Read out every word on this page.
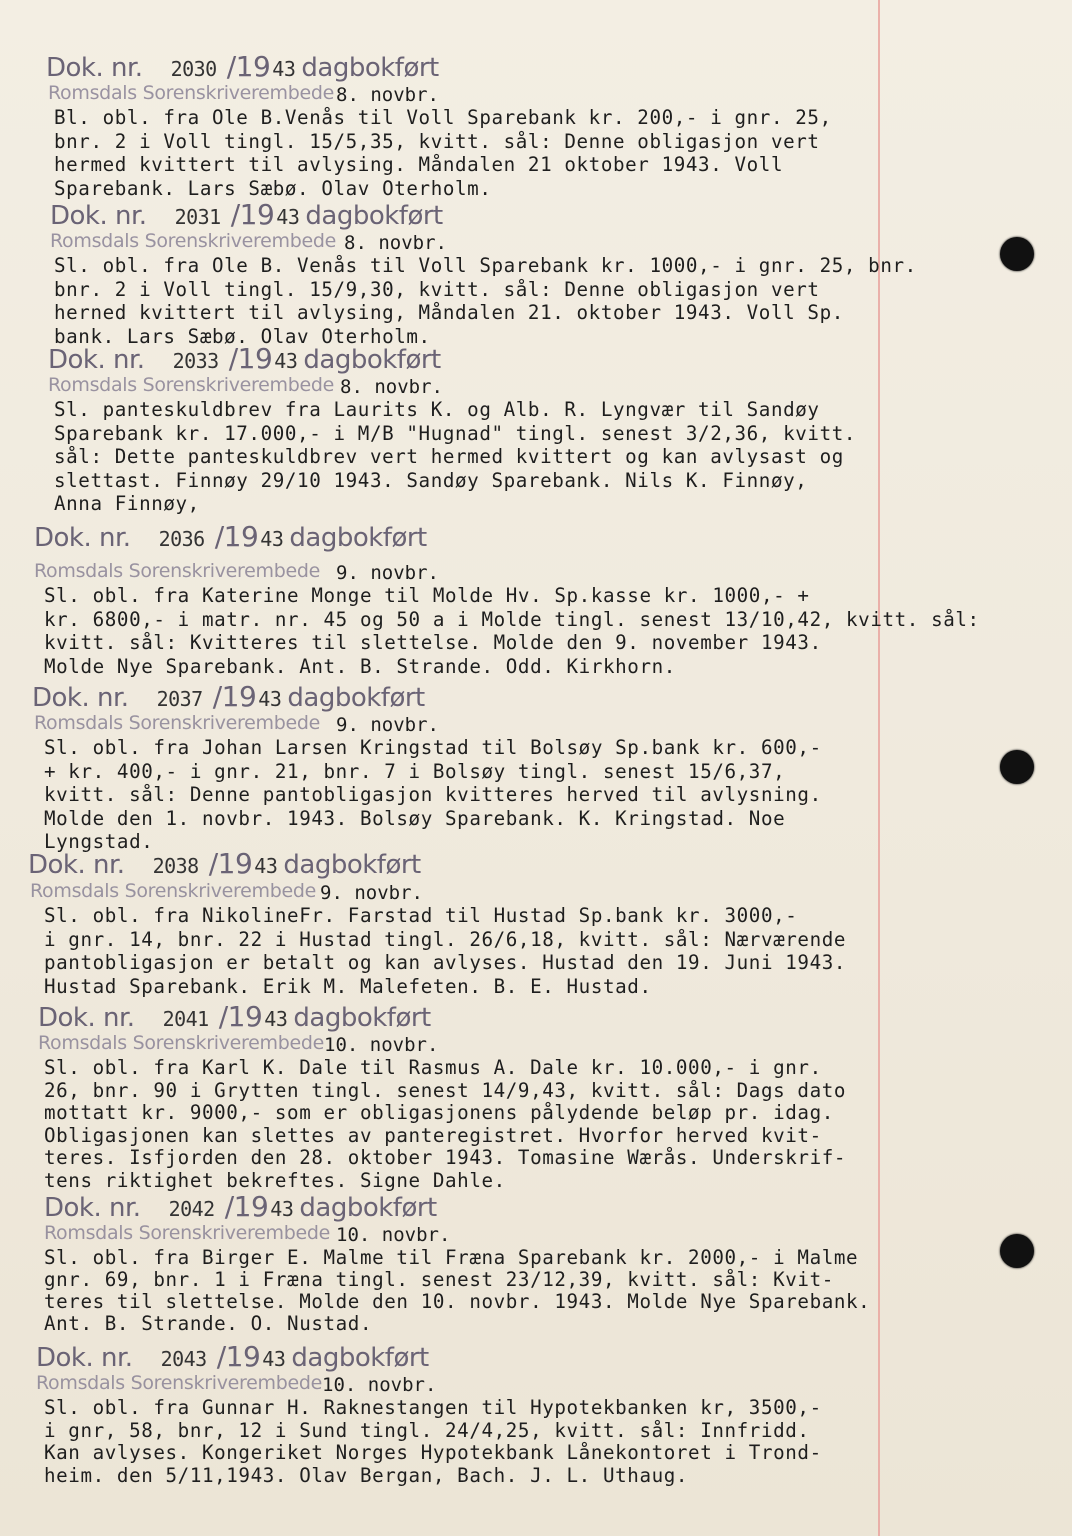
Dok. nr. 2030 /19 43 dagbokført
Romsdals Sorenskriverembede 8. novbr.
Bl. obl. fra Ole B.Venås til Voll Sparebank kr. 200,- i gnr. 25,
bnr. 2 i Voll tingl. 15/5,35, kvitt. sål: Denne obligasjon vert
hermed kvittert til avlysing. Måndalen 21 oktober 1943. Voll
Sparebank. Lars Sæbø. Olav Oterholm.
Dok. nr. 2031 /19 43 dagbokført
Romsdals Sorenskriverembede 8. novbr.
Sl. obl. fra Ole B. Venås til Voll Sparebank kr. 1000,- i gnr. 25, bnr.
bnr. 2 i Voll tingl. 15/9,30, kvitt. sål: Denne obligasjon vert
herned kvittert til avlysing, Måndalen 21. oktober 1943. Voll Sp.
bank. Lars Sæbø. Olav Oterholm.
Dok. nr. 2033 /19 43 dagbokført
Romsdals Sorenskriverembede 8. novbr.
Sl. panteskuldbrev fra Laurits K. og Alb. R. Lyngvær til Sandøy
Sparebank kr. 17.000,- i M/B "Hugnad" tingl. senest 3/2,36, kvitt.
sål: Dette panteskuldbrev vert hermed kvittert og kan avlysast og
slettast. Finnøy 29/10 1943. Sandøy Sparebank. Nils K. Finnøy,
Anna Finnøy,
Dok. nr. 2036 /19 43 dagbokført
Romsdals Sorenskriverembede 9. novbr.
Sl. obl. fra Katerine Monge til Molde Hv. Sp.kasse kr. 1000,- +
kr. 6800,- i matr. nr. 45 og 50 a i Molde tingl. senest 13/10,42, kvitt. sål:
kvitt. sål: Kvitteres til slettelse. Molde den 9. november 1943.
Molde Nye Sparebank. Ant. B. Strande. Odd. Kirkhorn.
Dok. nr. 2037 /19 43 dagbokført
Romsdals Sorenskriverembede 9. novbr.
Sl. obl. fra Johan Larsen Kringstad til Bolsøy Sp.bank kr. 600,-
+ kr. 400,- i gnr. 21, bnr. 7 i Bolsøy tingl. senest 15/6,37,
kvitt. sål: Denne pantobligasjon kvitteres herved til avlysning.
Molde den 1. novbr. 1943. Bolsøy Sparebank. K. Kringstad. Noe
Lyngstad.
Dok. nr. 2038 /19 43 dagbokført
Romsdals Sorenskriverembede 9. novbr.
Sl. obl. fra NikolineFr. Farstad til Hustad Sp.bank kr. 3000,-
i gnr. 14, bnr. 22 i Hustad tingl. 26/6,18, kvitt. sål: Nærværende
pantobligasjon er betalt og kan avlyses. Hustad den 19. Juni 1943.
Hustad Sparebank. Erik M. Malefeten. B. E. Hustad.
Dok. nr. 2041 /19 43 dagbokført
Romsdals Sorenskriverembede 10. novbr.
Sl. obl. fra Karl K. Dale til Rasmus A. Dale kr. 10.000,- i gnr.
26, bnr. 90 i Grytten tingl. senest 14/9,43, kvitt. sål: Dags dato
mottatt kr. 9000,- som er obligasjonens pålydende beløp pr. idag.
Obligasjonen kan slettes av panteregistret. Hvorfor herved kvit-
teres. Isfjorden den 28. oktober 1943. Tomasine Wærås. Underskrif-
tens riktighet bekreftes. Signe Dahle.
Dok. nr. 2042 /19 43 dagbokført
Romsdals Sorenskriverembede 10. novbr.
Sl. obl. fra Birger E. Malme til Fræna Sparebank kr. 2000,- i Malme
gnr. 69, bnr. 1 i Fræna tingl. senest 23/12,39, kvitt. sål: Kvit-
teres til slettelse. Molde den 10. novbr. 1943. Molde Nye Sparebank.
Ant. B. Strande. O. Nustad.
Dok. nr. 2043 /19 43 dagbokført
Romsdals Sorenskriverembede 10. novbr.
Sl. obl. fra Gunnar H. Raknestangen til Hypotekbanken kr, 3500,-
i gnr, 58, bnr, 12 i Sund tingl. 24/4,25, kvitt. sål: Innfridd.
Kan avlyses. Kongeriket Norges Hypotekbank Lånekontoret i Trond-
heim. den 5/11,1943. Olav Bergan, Bach. J. L. Uthaug.
